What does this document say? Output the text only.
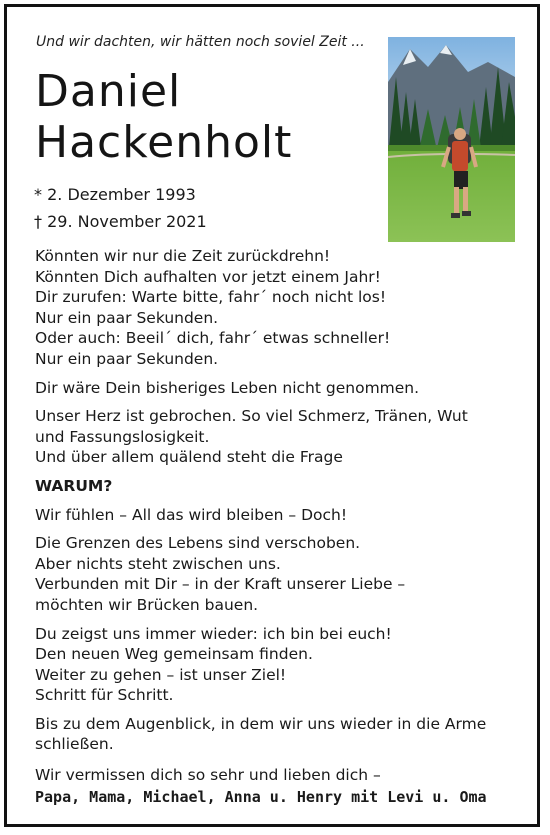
Und wir dachten, wir hätten noch soviel Zeit ...
Daniel
Hackenholt
* 2. Dezember 1993
† 29. November 2021

Könnten wir nur die Zeit zurückdrehn!
Könnten Dich aufhalten vor jetzt einem Jahr!
Dir zurufen: Warte bitte, fahr´ noch nicht los!
Nur ein paar Sekunden.
Oder auch: Beeil´ dich, fahr´ etwas schneller!
Nur ein paar Sekunden.

Dir wäre Dein bisheriges Leben nicht genommen.

Unser Herz ist gebrochen. So viel Schmerz, Tränen, Wut
und Fassungslosigkeit.
Und über allem quälend steht die Frage

WARUM?

Wir fühlen – All das wird bleiben – Doch!

Die Grenzen des Lebens sind verschoben.
Aber nichts steht zwischen uns.
Verbunden mit Dir – in der Kraft unserer Liebe –
möchten wir Brücken bauen.

Du zeigst uns immer wieder: ich bin bei euch!
Den neuen Weg gemeinsam finden.
Weiter zu gehen – ist unser Ziel!
Schritt für Schritt.

Bis zu dem Augenblick, in dem wir uns wieder in die Arme
schließen.

Wir vermissen dich so sehr und lieben dich –
Papa, Mama, Michael, Anna u. Henry mit Levi u. Oma
